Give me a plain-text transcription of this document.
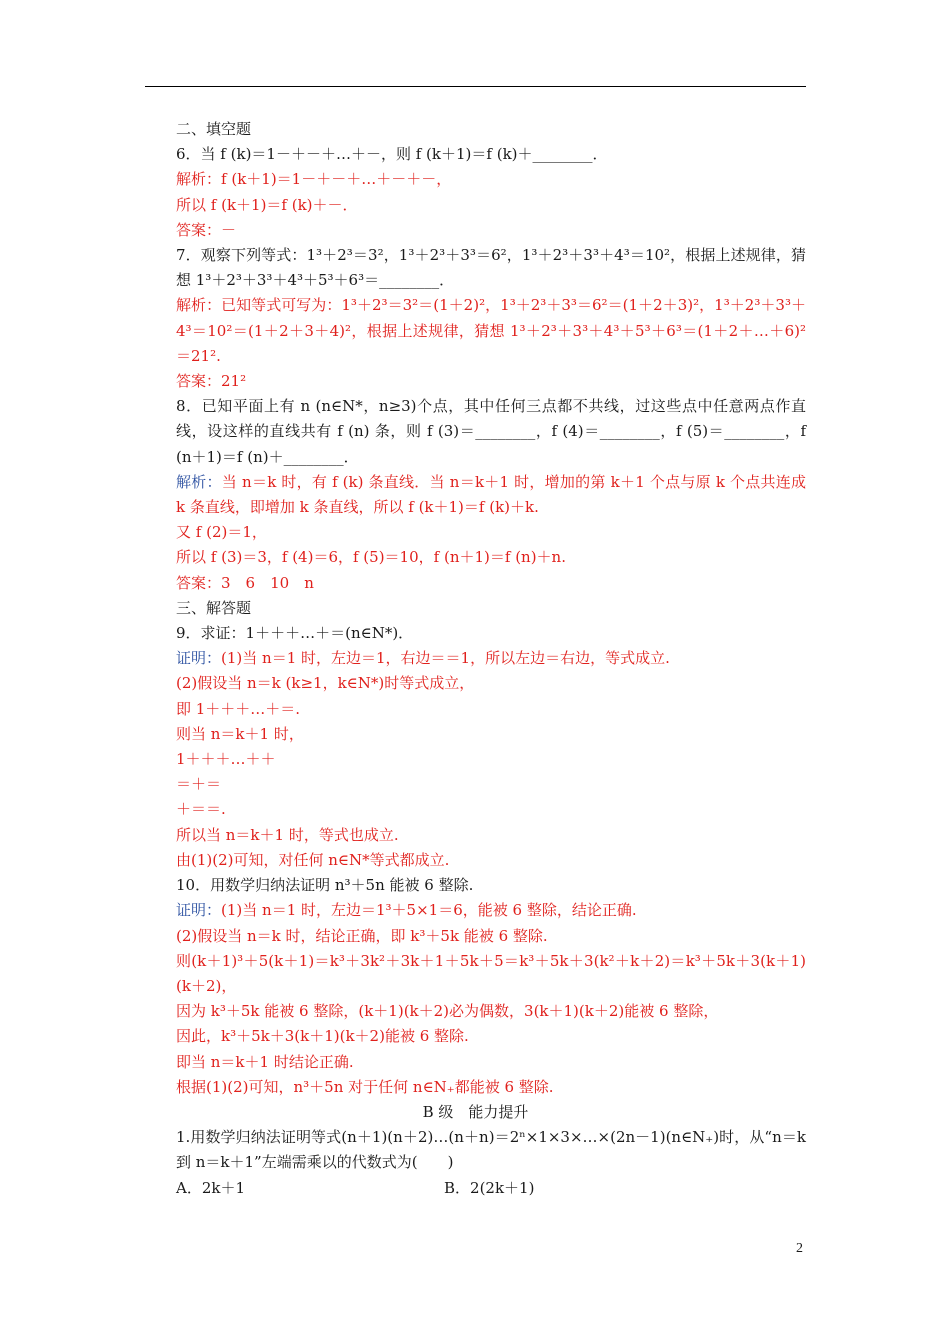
二、填空题

6．当 f (k)＝1－＋－＋…＋－，则 f (k＋1)＝f (k)＋________．

解析：f (k＋1)＝1－＋－＋…＋－＋－，

所以 f (k＋1)＝f (k)＋－．

答案：－

7．观察下列等式：1³＋2³＝3²，1³＋2³＋3³＝6²，1³＋2³＋3³＋4³＝10²，根据上述规律，猜想 1³＋2³＋3³＋4³＋5³＋6³＝________．

解析：已知等式可写为：1³＋2³＝3²＝(1＋2)²，1³＋2³＋3³＝6²＝(1＋2＋3)²，1³＋2³＋3³＋4³＝10²＝(1＋2＋3＋4)²，根据上述规律，猜想 1³＋2³＋3³＋4³＋5³＋6³＝(1＋2＋…＋6)²＝21².

答案：21²

8．已知平面上有 n (n∈N*，n≥3)个点，其中任何三点都不共线，过这些点中任意两点作直线，设这样的直线共有 f (n) 条，则 f (3)＝________，f (4)＝________，f (5)＝________，f (n＋1)＝f (n)＋________．

解析：当 n＝k 时，有 f (k) 条直线．当 n＝k＋1 时，增加的第 k＋1 个点与原 k 个点共连成 k 条直线，即增加 k 条直线，所以 f (k＋1)＝f (k)＋k.

又 f (2)＝1，

所以 f (3)＝3，f (4)＝6，f (5)＝10，f (n＋1)＝f (n)＋n.

答案：3　6　10　n

三、解答题

9．求证：1＋＋＋…＋＝(n∈N*)．

证明：(1)当 n＝1 时，左边＝1，右边＝＝1，所以左边＝右边，等式成立.

(2)假设当 n＝k (k≥1，k∈N*)时等式成立，

即 1＋＋＋…＋＝.

则当 n＝k＋1 时，

1＋＋＋…＋＋

＝＋＝

＋＝＝.

所以当 n＝k＋1 时，等式也成立.

由(1)(2)可知，对任何 n∈N*等式都成立.

10．用数学归纳法证明 n³＋5n 能被 6 整除.

证明：(1)当 n＝1 时，左边＝1³＋5×1＝6，能被 6 整除，结论正确.

(2)假设当 n＝k 时，结论正确，即 k³＋5k 能被 6 整除.

则(k＋1)³＋5(k＋1)＝k³＋3k²＋3k＋1＋5k＋5＝k³＋5k＋3(k²＋k＋2)＝k³＋5k＋3(k＋1)(k＋2)，

因为 k³＋5k 能被 6 整除，(k＋1)(k＋2)必为偶数，3(k＋1)(k＋2)能被 6 整除，

因此，k³＋5k＋3(k＋1)(k＋2)能被 6 整除.

即当 n＝k＋1 时结论正确.

根据(1)(2)可知，n³＋5n 对于任何 n∈N₊都能被 6 整除.

B 级　能力提升

1.用数学归纳法证明等式(n＋1)(n＋2)…(n＋n)＝2ⁿ×1×3×…×(2n－1)(n∈N₊)时，从“n＝k 到 n＝k＋1”左端需乘以的代数式为(　　)

A．2k＋1	B．2(2k＋1)
2
